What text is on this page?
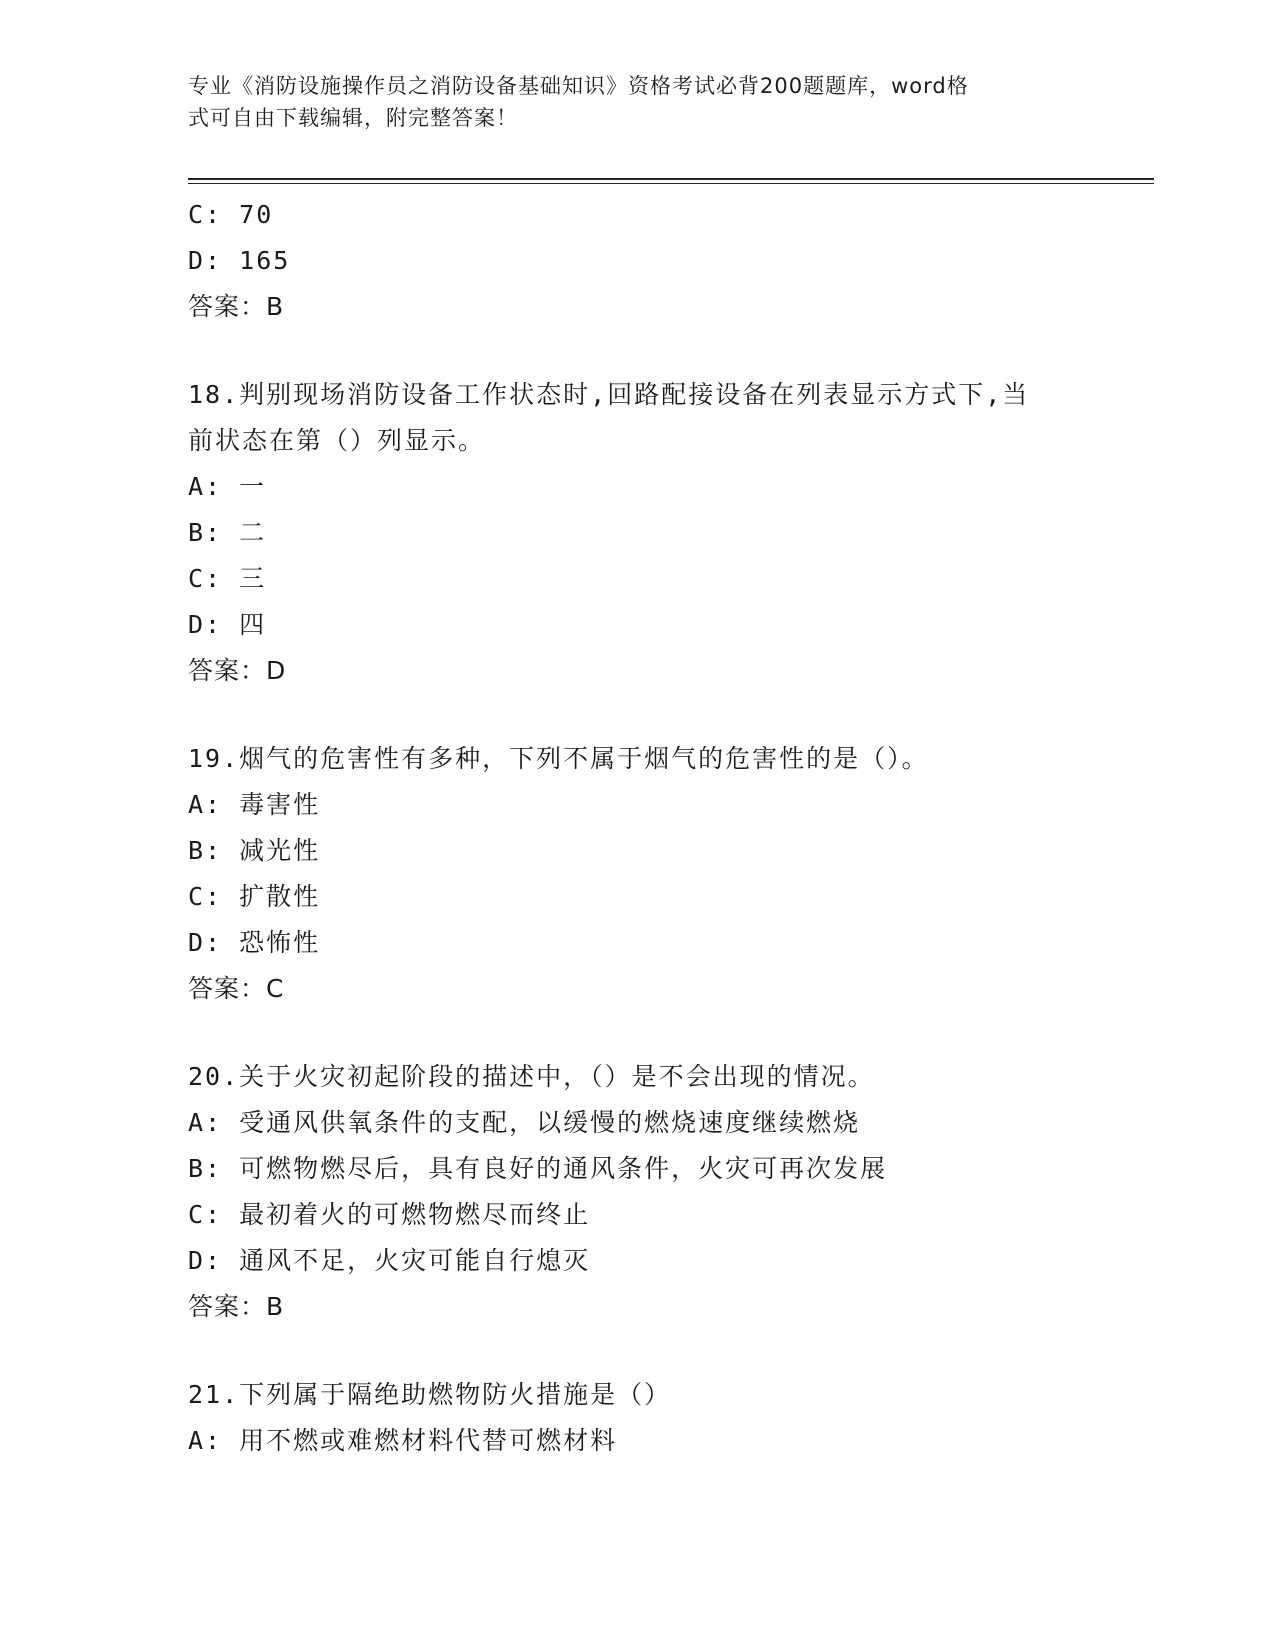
专业《消防设施操作员之消防设备基础知识》资格考试必背200题题库，word格
式可自由下载编辑，附完整答案！
C: 70
D: 165
答案：B
18.判别现场消防设备工作状态时,回路配接设备在列表显示方式下,当
前状态在第（）列显示。
A: 一
B: 二
C: 三
D: 四
答案：D
19.烟气的危害性有多种，下列不属于烟气的危害性的是（）。
A: 毒害性
B: 减光性
C: 扩散性
D: 恐怖性
答案：C
20.关于火灾初起阶段的描述中，（）是不会出现的情况。
A: 受通风供氧条件的支配，以缓慢的燃烧速度继续燃烧
B: 可燃物燃尽后，具有良好的通风条件，火灾可再次发展
C: 最初着火的可燃物燃尽而终止
D: 通风不足，火灾可能自行熄灭
答案：B
21.下列属于隔绝助燃物防火措施是（）
A: 用不燃或难燃材料代替可燃材料
